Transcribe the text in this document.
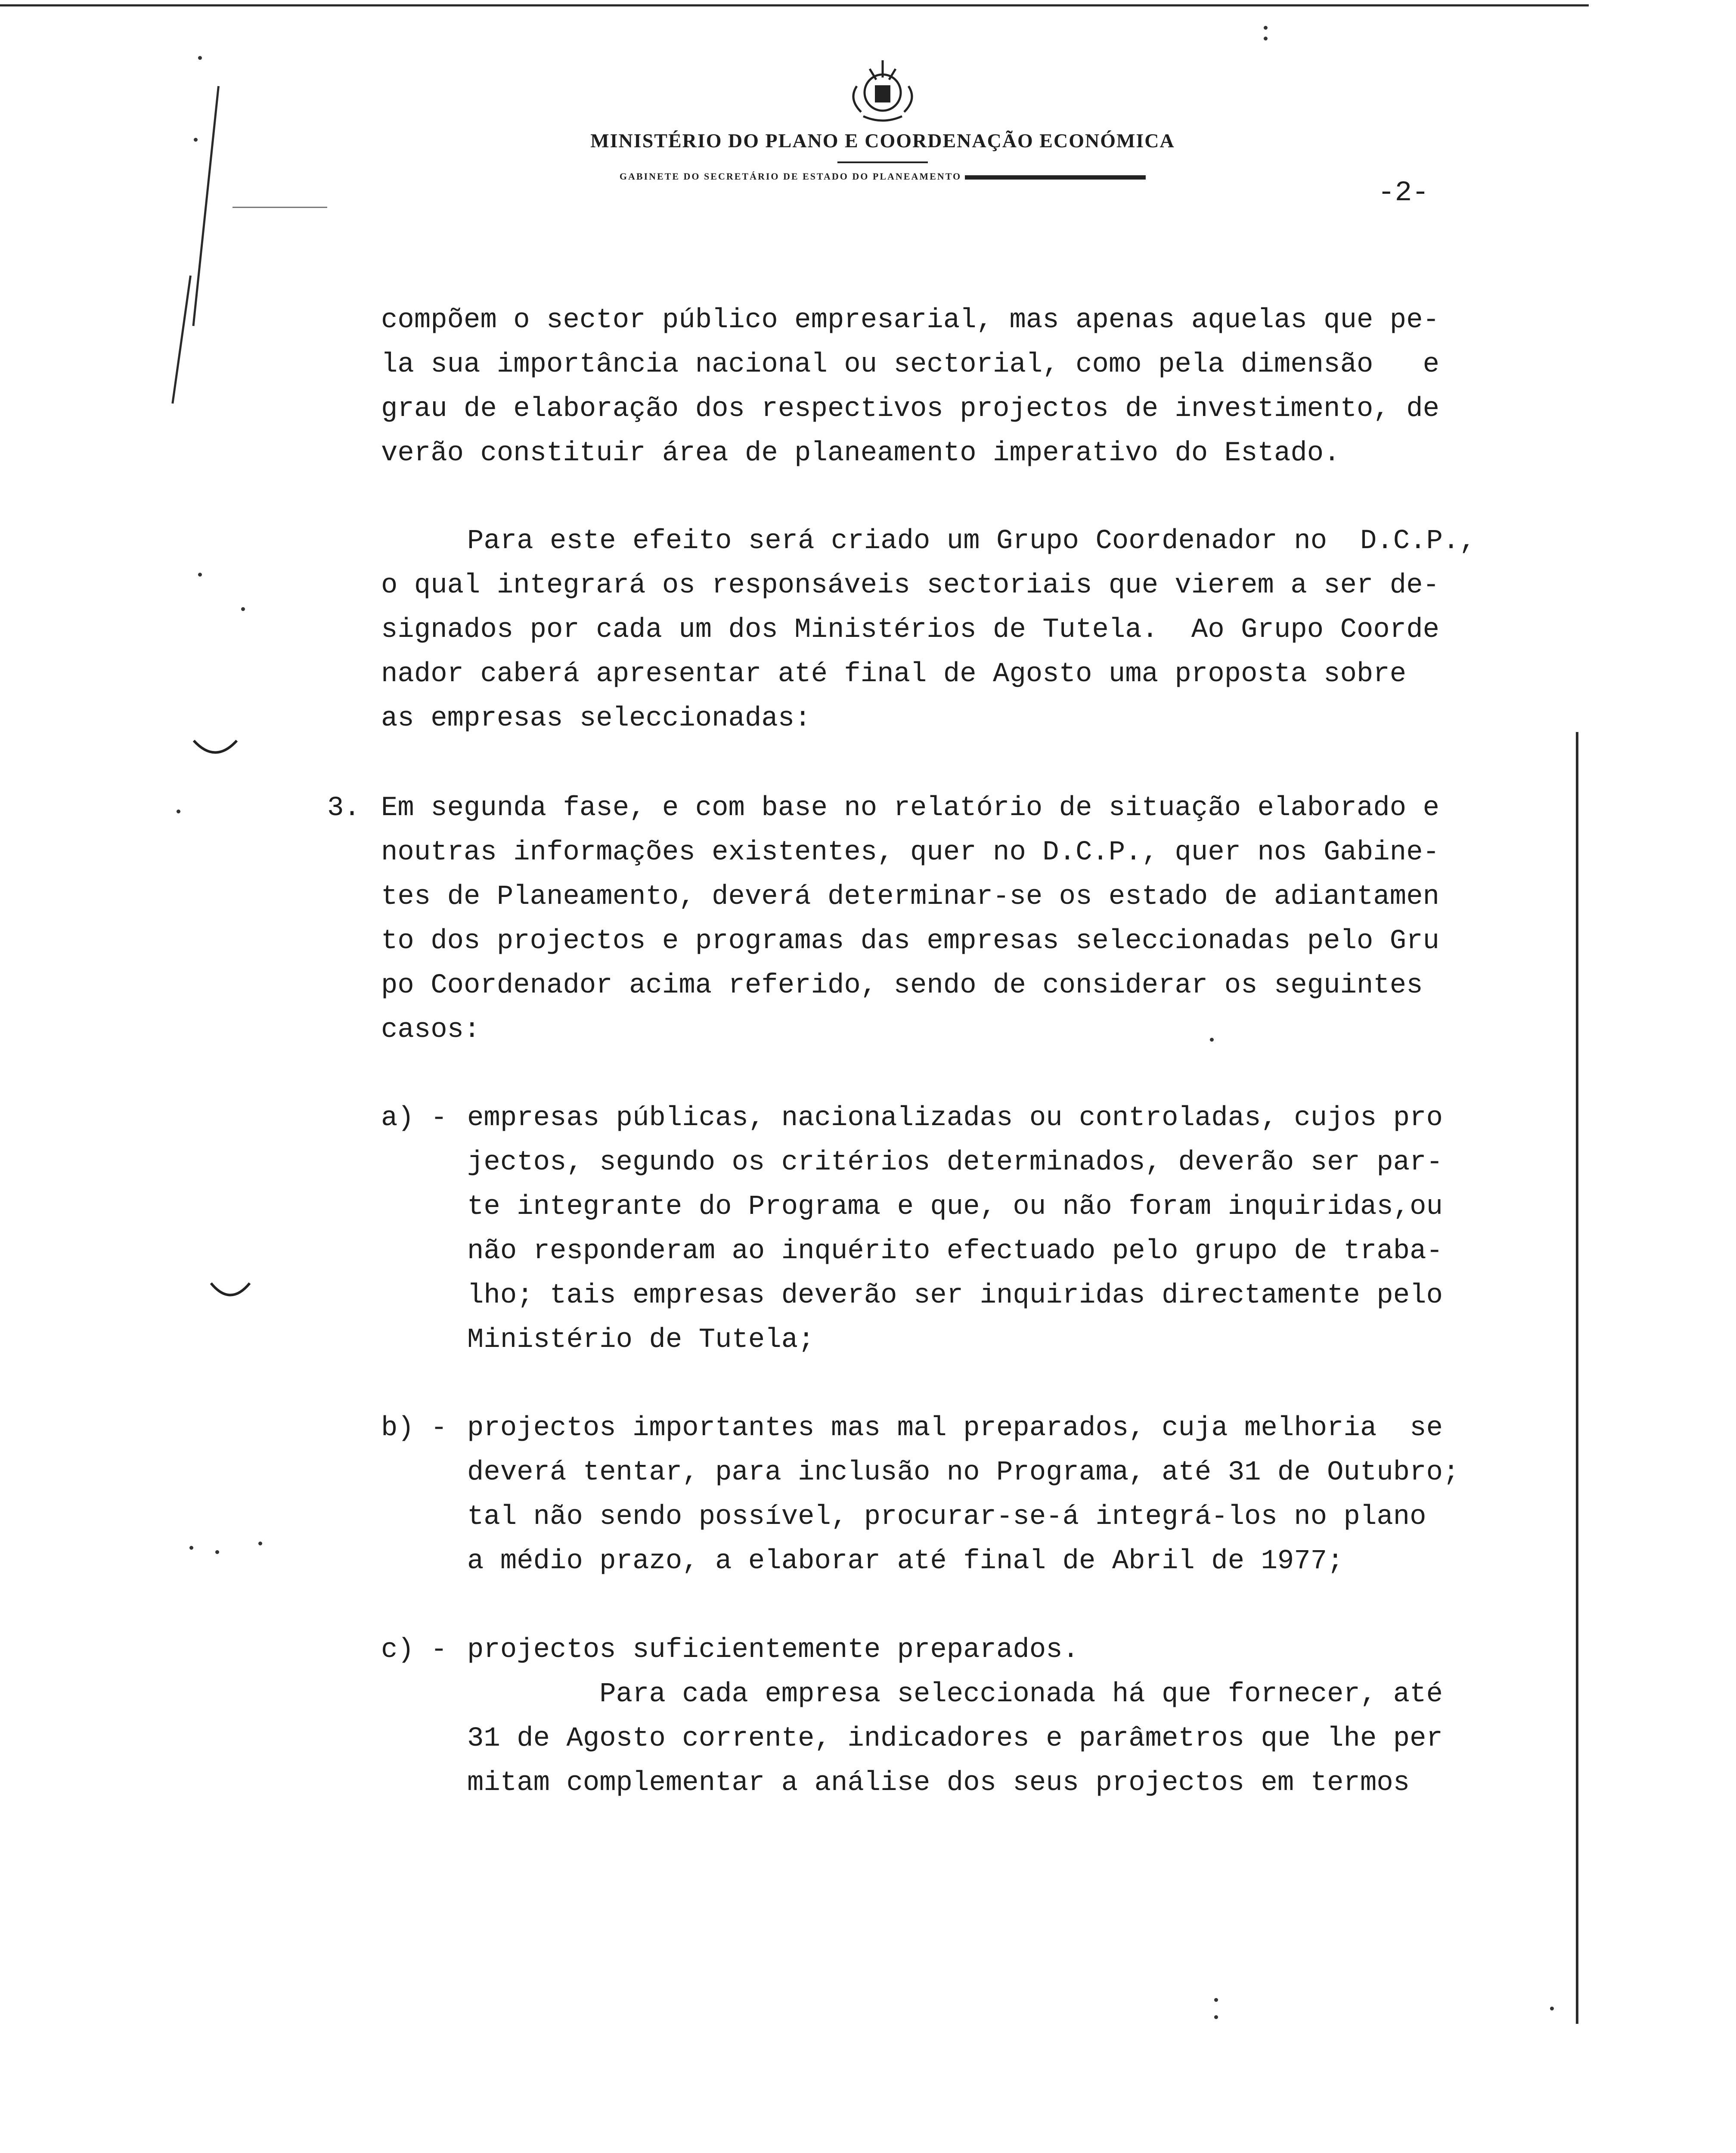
MINISTÉRIO DO PLANO E COORDENAÇÃO ECONÓMICA
GABINETE DO SECRETÁRIO DE ESTADO DO PLANEAMENTO
-2-
compõem o sector público empresarial, mas apenas aquelas que pe-
la sua importância nacional ou sectorial, como pela dimensão   e
grau de elaboração dos respectivos projectos de investimento, de
verão constituir área de planeamento imperativo do Estado.
Para este efeito será criado um Grupo Coordenador no  D.C.P.,
o qual integrará os responsáveis sectoriais que vierem a ser de-
signados por cada um dos Ministérios de Tutela.  Ao Grupo Coorde
nador caberá apresentar até final de Agosto uma proposta sobre
as empresas seleccionadas:
3. Em segunda fase, e com base no relatório de situação elaborado e
noutras informações existentes, quer no D.C.P., quer nos Gabine-
tes de Planeamento, deverá determinar-se os estado de adiantamen
to dos projectos e programas das empresas seleccionadas pelo Gru
po Coordenador acima referido, sendo de considerar os seguintes
casos:
a) - empresas públicas, nacionalizadas ou controladas, cujos pro
jectos, segundo os critérios determinados, deverão ser par-
te integrante do Programa e que, ou não foram inquiridas,ou
não responderam ao inquérito efectuado pelo grupo de traba-
lho; tais empresas deverão ser inquiridas directamente pelo
Ministério de Tutela;
b) - projectos importantes mas mal preparados, cuja melhoria  se
deverá tentar, para inclusão no Programa, até 31 de Outubro;
tal não sendo possível, procurar-se-á integrá-los no plano
a médio prazo, a elaborar até final de Abril de 1977;
c) - projectos suficientemente preparados.
Para cada empresa seleccionada há que fornecer, até
31 de Agosto corrente, indicadores e parâmetros que lhe per
mitam complementar a análise dos seus projectos em termos
